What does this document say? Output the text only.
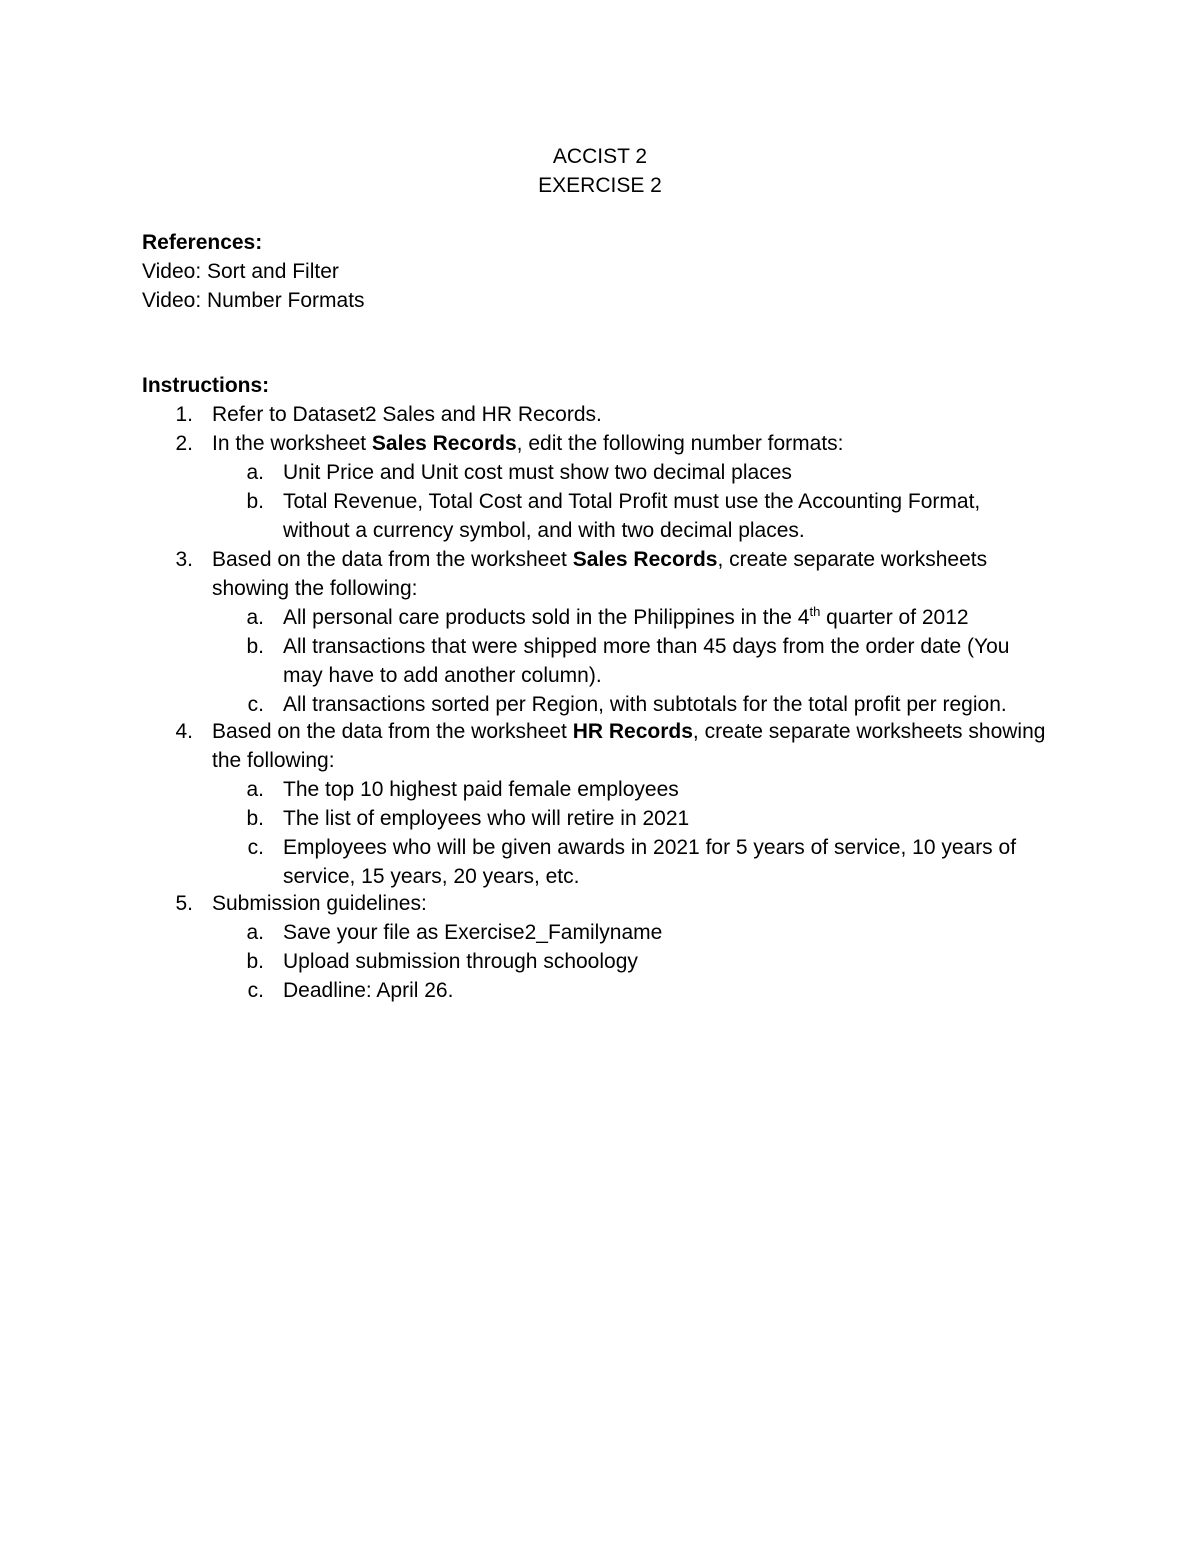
ACCIST 2
EXERCISE 2
References:
Video: Sort and Filter
Video: Number Formats
Instructions:
1. Refer to Dataset2 Sales and HR Records.
2. In the worksheet Sales Records, edit the following number formats:
a. Unit Price and Unit cost must show two decimal places
b. Total Revenue, Total Cost and Total Profit must use the Accounting Format,
without a currency symbol, and with two decimal places.
3. Based on the data from the worksheet Sales Records, create separate worksheets
showing the following:
a. All personal care products sold in the Philippines in the 4th quarter of 2012
b. All transactions that were shipped more than 45 days from the order date (You
may have to add another column).
c. All transactions sorted per Region, with subtotals for the total profit per region.
4. Based on the data from the worksheet HR Records, create separate worksheets showing
the following:
a. The top 10 highest paid female employees
b. The list of employees who will retire in 2021
c. Employees who will be given awards in 2021 for 5 years of service, 10 years of
service, 15 years, 20 years, etc.
5. Submission guidelines:
a. Save your file as Exercise2_Familyname
b. Upload submission through schoology
c. Deadline: April 26.
